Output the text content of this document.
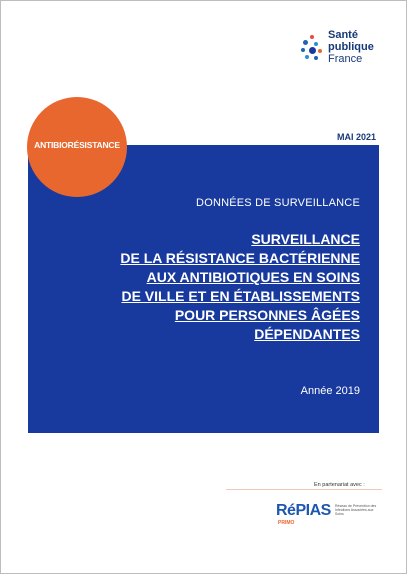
Santé
publique
France
ANTIBIORÉSISTANCE
MAI 2021
DONNÉES DE SURVEILLANCE
SURVEILLANCE
DE LA RÉSISTANCE BACTÉRIENNE
AUX ANTIBIOTIQUES EN SOINS
DE VILLE ET EN ÉTABLISSEMENTS
POUR PERSONNES ÂGÉES
DÉPENDANTES
Année 2019
En partenariat avec :
RéPIAS
PRIMO
Réseau de Prévention des Infections Associées aux Soins
